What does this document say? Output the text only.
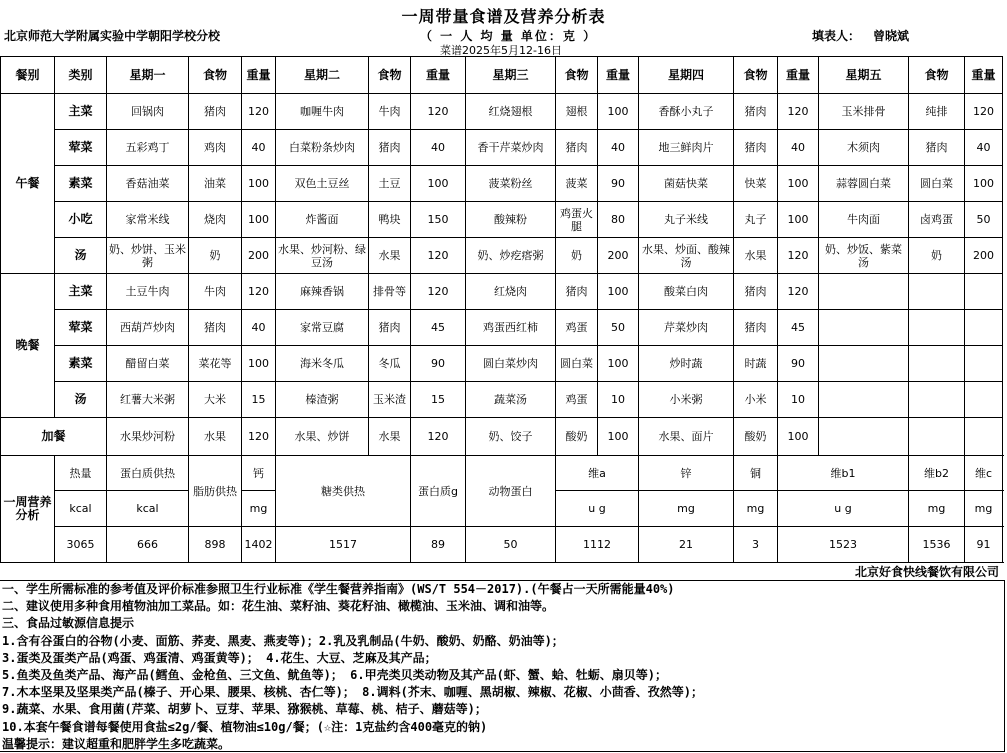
一周带量食谱及营养分析表
北京师范大学附属实验中学朝阳学校分校	（ 一 人 均 量 单位：克 ）	填表人： 曾晓斌
菜谱2025年5月12-16日
餐别	类别	星期一	食物	重量	星期二	食物	重量	星期三	食物	重量	星期四	食物	重量	星期五	食物	重量	
午餐	主菜	回锅肉	猪肉	120	咖喱牛肉	牛肉	120	红烧翅根	翅根	100	香酥小丸子	猪肉	120	玉米排骨	纯排	120	
	荤菜	五彩鸡丁	鸡肉	40	白菜粉条炒肉	猪肉	40	香干芹菜炒肉	猪肉	40	地三鲜肉片	猪肉	40	木须肉	猪肉	40	
	素菜	香菇油菜	油菜	100	双色土豆丝	土豆	100	菠菜粉丝	菠菜	90	菌菇快菜	快菜	100	蒜蓉圆白菜	圆白菜	100	
	小吃	家常米线	烧肉	100	炸酱面	鸭块	150	酸辣粉	鸡蛋火腿	80	丸子米线	丸子	100	牛肉面	卤鸡蛋	50	
	汤	奶、炒饼、玉米粥	奶	200	水果、炒河粉、绿豆汤	水果	120	奶、炒疙瘩粥	奶	200	水果、炒面、酸辣汤	水果	120	奶、炒饭、紫菜汤	奶	200	
晚餐	主菜	土豆牛肉	牛肉	120	麻辣香锅	排骨等	120	红烧肉	猪肉	100	酸菜白肉	猪肉	120				
	荤菜	西葫芦炒肉	猪肉	40	家常豆腐	猪肉	45	鸡蛋西红柿	鸡蛋	50	芹菜炒肉	猪肉	45				
	素菜	醋留白菜	菜花等	100	海米冬瓜	冬瓜	90	圆白菜炒肉	圆白菜	100	炒时蔬	时蔬	90				
	汤	红薯大米粥	大米	15	榛渣粥	玉米渣	15	蔬菜汤	鸡蛋	10	小米粥	小米	10				
加餐		水果炒河粉	水果	120	水果、炒饼	水果	120	奶、饺子	酸奶	100	水果、面片	酸奶	100				
一周营养分析	热量	蛋白质供热	脂肪供热	钙	糖类供热		蛋白质g	动物蛋白	维a		锌	铜	维b1		维b2	维c			
	kcal	kcal		mg					u g		mg	mg	u g		mg	mg			
	3065	666	898	1402	1517		89	50	1112		21	3	1523		1536	91			
北京好食快线餐饮有限公司
一、学生所需标准的参考值及评价标准参照卫生行业标准《学生餐营养指南》(WS/T 554－2017).(午餐占一天所需能量40%)
二、建议使用多种食用植物油加工菜品。如：花生油、菜籽油、葵花籽油、橄榄油、玉米油、调和油等。
三、食品过敏源信息提示
1.含有谷蛋白的谷物(小麦、面筋、荞麦、黑麦、燕麦等)；2.乳及乳制品(牛奶、酸奶、奶酪、奶油等)；
3.蛋类及蛋类产品(鸡蛋、鸡蛋清、鸡蛋黄等)； 4.花生、大豆、芝麻及其产品；
5.鱼类及鱼类产品、海产品(鳕鱼、金枪鱼、三文鱼、鱿鱼等)； 6.甲壳类贝类动物及其产品(虾、蟹、蛤、牡蛎、扇贝等)；
7.木本坚果及坚果类产品(榛子、开心果、腰果、核桃、杏仁等)； 8.调料(芥末、咖喱、黑胡椒、辣椒、花椒、小茴香、孜然等)；
9.蔬菜、水果、食用菌(芹菜、胡萝卜、豆芽、苹果、猕猴桃、草莓、桃、桔子、蘑菇等)；
10.本套午餐食谱每餐使用食盐≤2g/餐、植物油≤10g/餐；(☆注：1克盐约含400毫克的钠)
温馨提示：建议超重和肥胖学生多吃蔬菜。
